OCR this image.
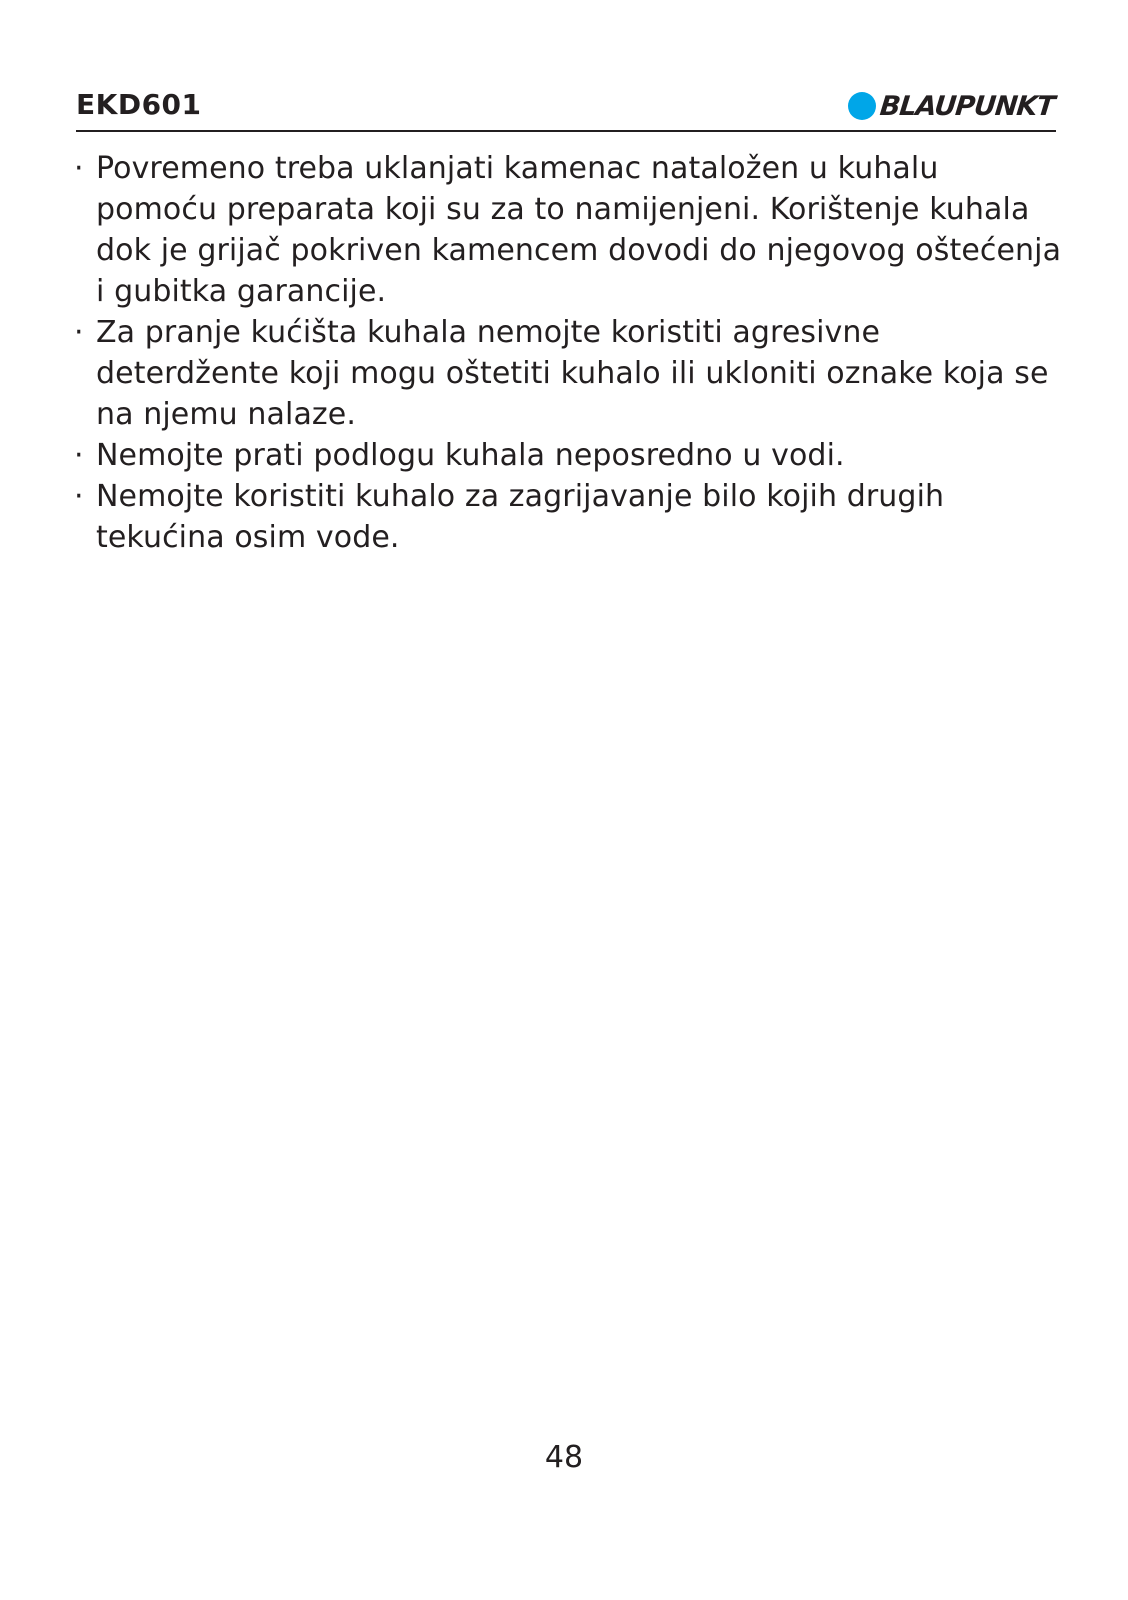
EKD601	BLAUPUNKT
· Povremeno treba uklanjati kamenac nataložen u kuhalu pomoću preparata koji su za to namijenjeni. Korištenje kuhala dok je grijač pokriven kamencem dovodi do njegovog oštećenja i gubitka garancije.
· Za pranje kućišta kuhala nemojte koristiti agresivne deterdžente koji mogu oštetiti kuhalo ili ukloniti oznake koja se na njemu nalaze.
· Nemojte prati podlogu kuhala neposredno u vodi.
· Nemojte koristiti kuhalo za zagrijavanje bilo kojih drugih tekućina osim vode.
48
